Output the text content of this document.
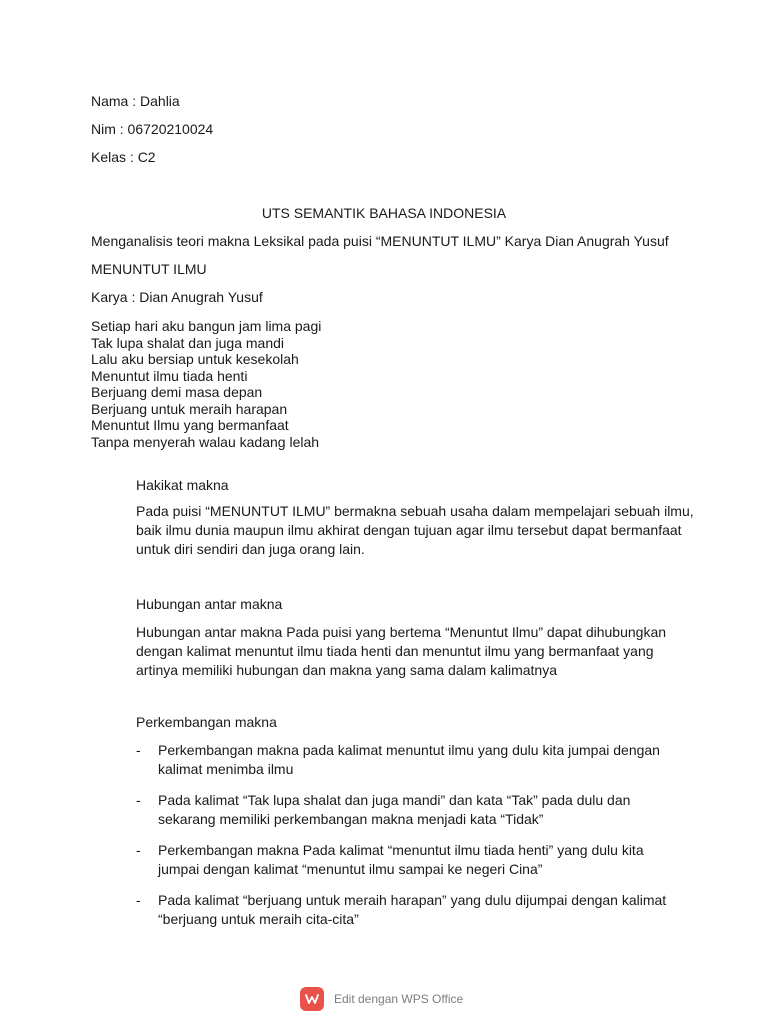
Nama : Dahlia
Nim : 06720210024
Kelas : C2
UTS SEMANTIK BAHASA INDONESIA
Menganalisis teori makna Leksikal pada puisi “MENUNTUT ILMU” Karya Dian Anugrah Yusuf
MENUNTUT ILMU
Karya : Dian Anugrah Yusuf
Setiap hari aku bangun jam lima pagi
Tak lupa shalat dan juga mandi
Lalu aku bersiap untuk kesekolah
Menuntut ilmu tiada henti
Berjuang demi masa depan
Berjuang untuk meraih harapan
Menuntut Ilmu yang bermanfaat
Tanpa menyerah walau kadang lelah
Hakikat makna
Pada puisi “MENUNTUT ILMU” bermakna sebuah usaha dalam mempelajari sebuah ilmu, baik ilmu dunia maupun ilmu akhirat dengan tujuan agar ilmu tersebut dapat bermanfaat untuk diri sendiri dan juga orang lain.
Hubungan antar makna
Hubungan antar makna Pada puisi yang bertema “Menuntut Ilmu” dapat dihubungkan dengan kalimat menuntut ilmu tiada henti dan menuntut ilmu yang bermanfaat yang artinya memiliki hubungan dan makna yang sama dalam kalimatnya
Perkembangan makna
-	Perkembangan makna pada kalimat menuntut ilmu yang dulu kita jumpai dengan kalimat menimba ilmu
-	Pada kalimat “Tak lupa shalat dan juga mandi” dan kata “Tak” pada dulu dan sekarang memiliki perkembangan makna menjadi kata “Tidak”
-	Perkembangan makna Pada kalimat “menuntut ilmu tiada henti” yang dulu kita jumpai dengan kalimat “menuntut ilmu sampai ke negeri Cina”
-	Pada kalimat “berjuang untuk meraih harapan” yang dulu dijumpai dengan kalimat “berjuang untuk meraih cita-cita”
Edit dengan WPS Office
